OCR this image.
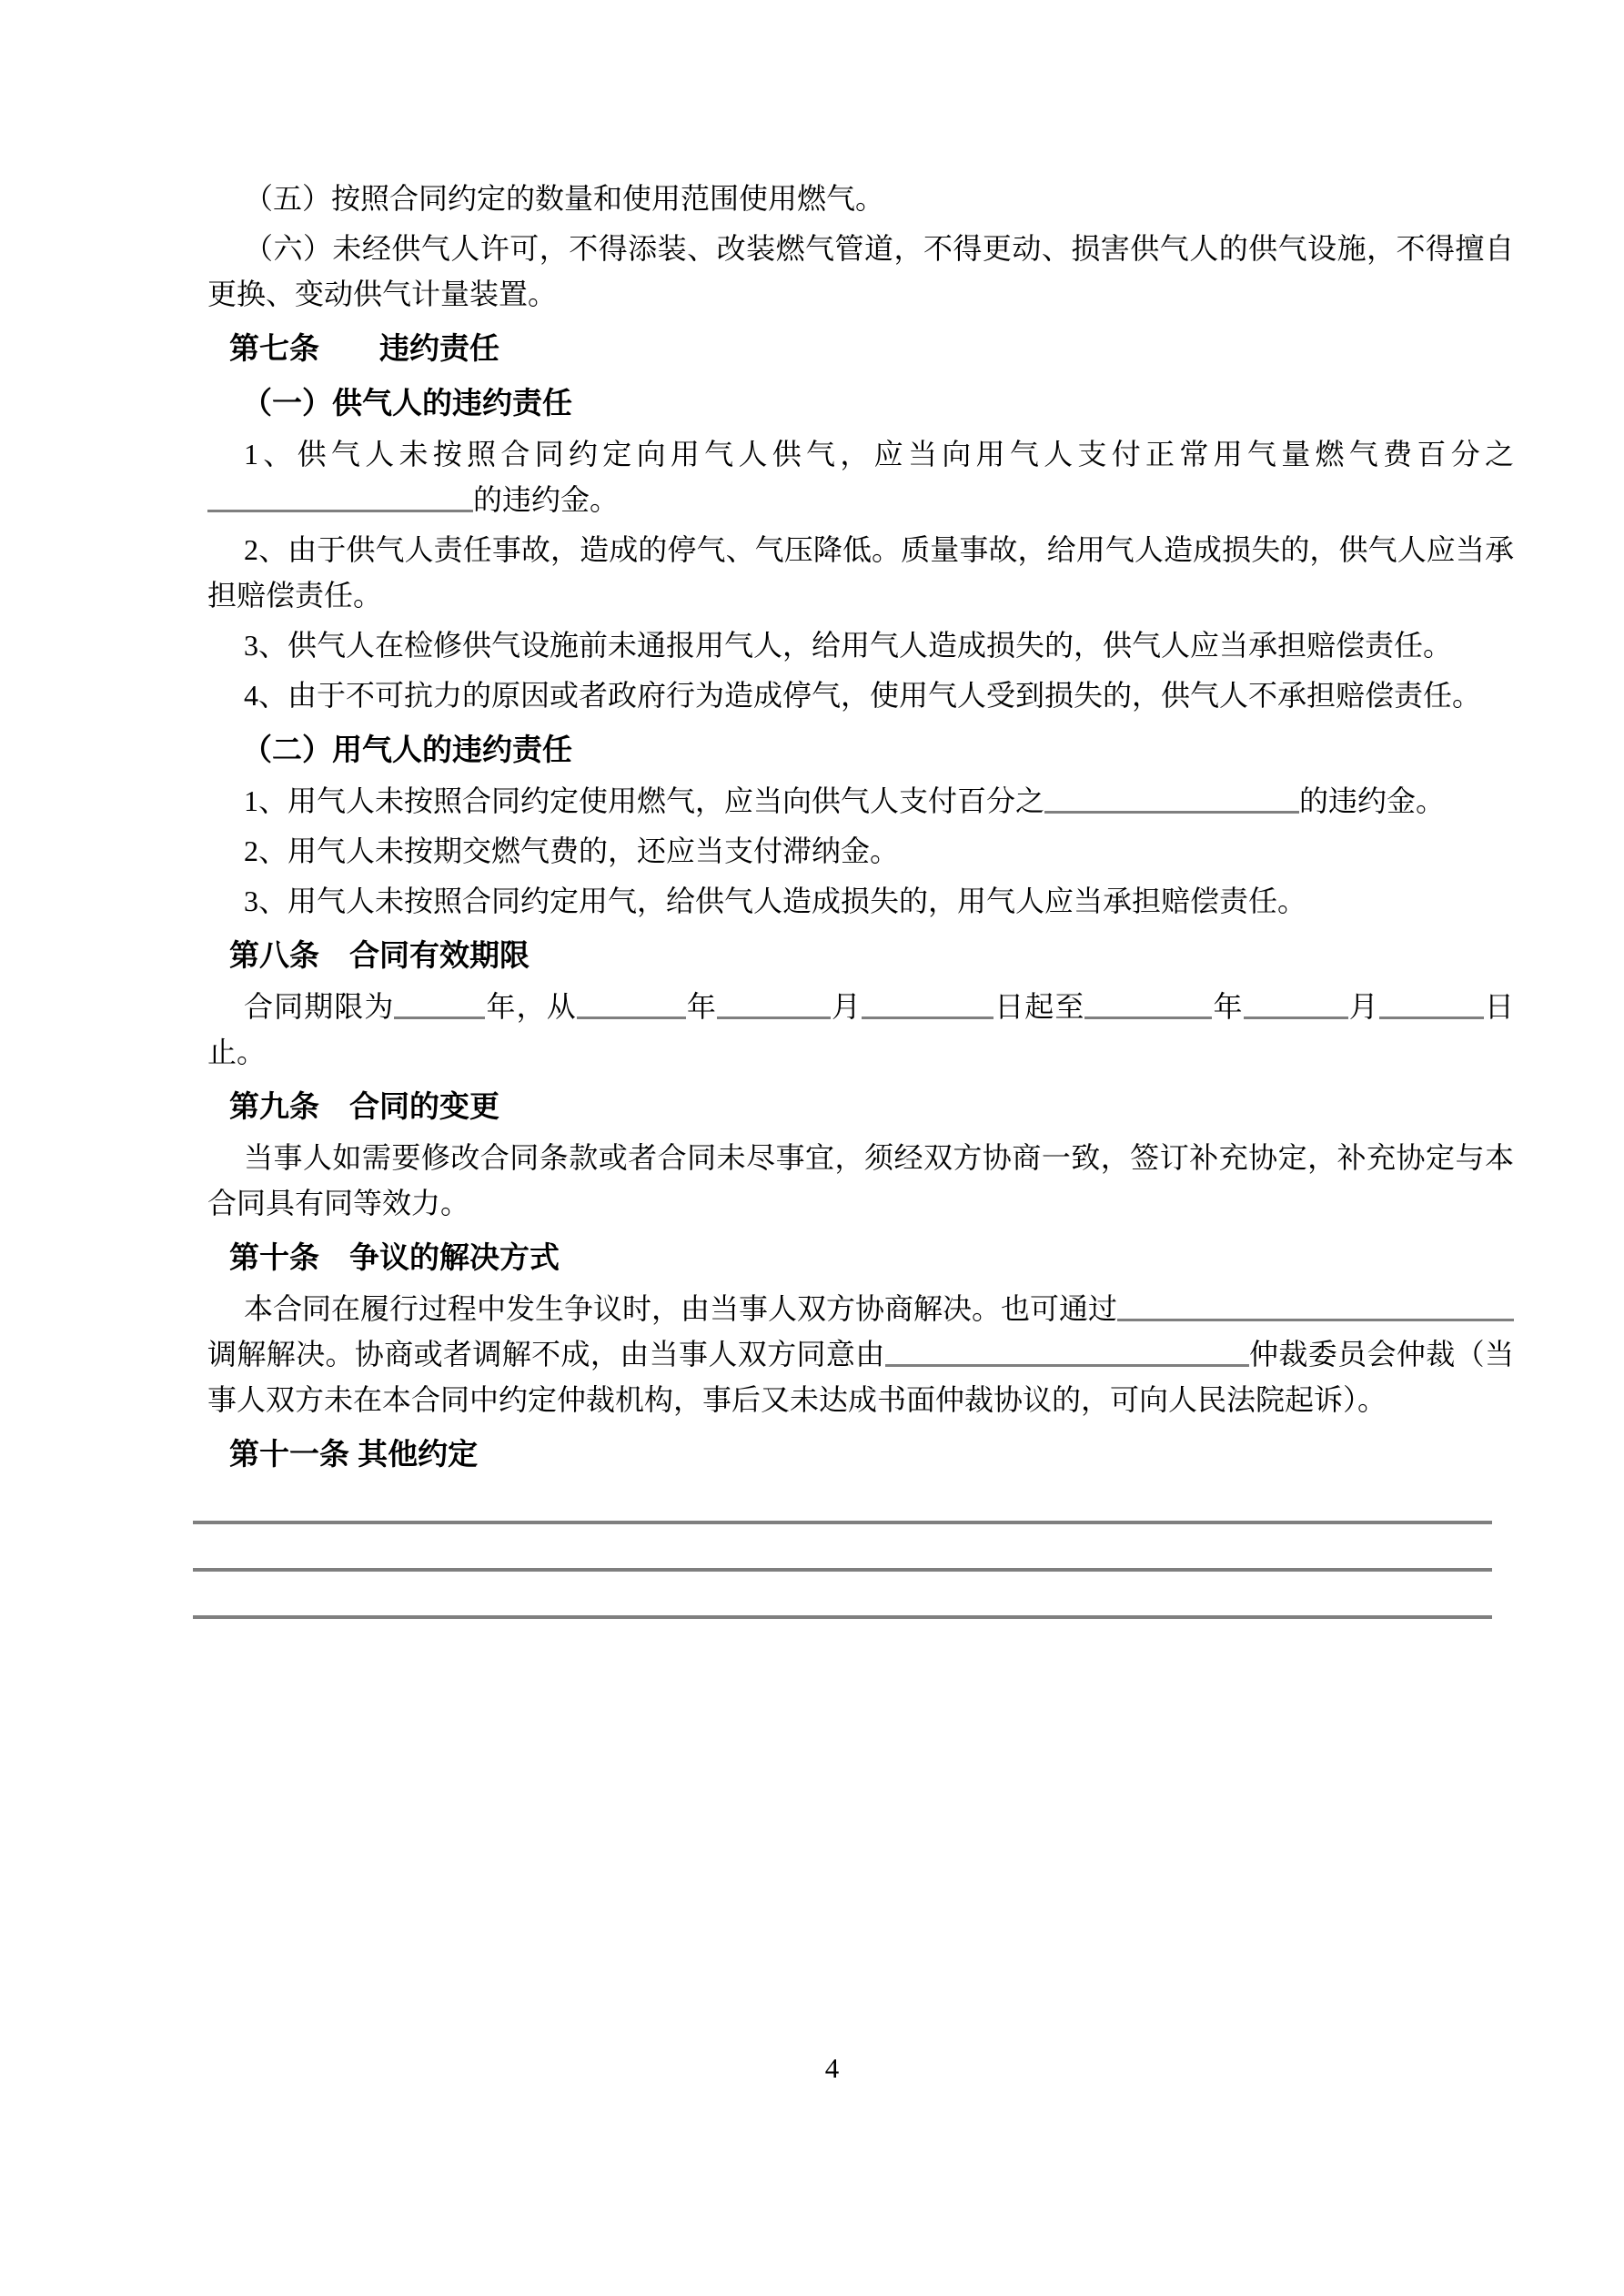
（五）按照合同约定的数量和使用范围使用燃气。

（六）未经供气人许可，不得添装、改装燃气管道，不得更动、损害供气人的供气设施，不得擅自更换、变动供气计量装置。

第七条　　违约责任

（一）供气人的违约责任

1、供气人未按照合同约定向用气人供气，应当向用气人支付正常用气量燃气费百分之的违约金。

2、由于供气人责任事故，造成的停气、气压降低。质量事故，给用气人造成损失的，供气人应当承担赔偿责任。

3、供气人在检修供气设施前未通报用气人，给用气人造成损失的，供气人应当承担赔偿责任。

4、由于不可抗力的原因或者政府行为造成停气，使用气人受到损失的，供气人不承担赔偿责任。

（二）用气人的违约责任

1、用气人未按照合同约定使用燃气，应当向供气人支付百分之	的违约金。

2、用气人未按期交燃气费的，还应当支付滞纳金。

3、用气人未按照合同约定用气，给供气人造成损失的，用气人应当承担赔偿责任。

第八条　合同有效期限

合同期限为	年，从	年	月	日起至	年	月	日止。

第九条　合同的变更

当事人如需要修改合同条款或者合同未尽事宜，须经双方协商一致，签订补充协定，补充协定与本合同具有同等效力。

第十条　争议的解决方式

本合同在履行过程中发生争议时，由当事人双方协商解决。也可通过调解解决。协商或者调解不成，由当事人双方同意由	仲裁委员会仲裁（当事人双方未在本合同中约定仲裁机构，事后又未达成书面仲裁协议的，可向人民法院起诉）。

第十一条 其他约定

4
